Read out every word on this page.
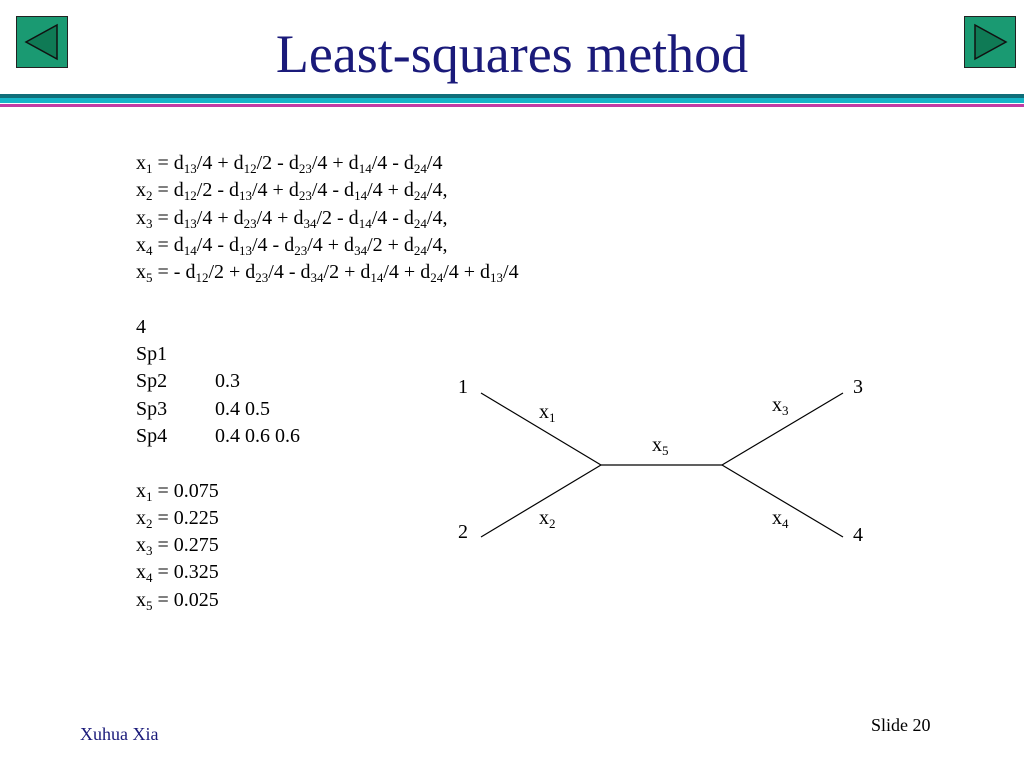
Least-squares method
$x_1 = d_{13}/4 + d_{12}/2 - d_{23}/4 + d_{14}/4 - d_{24}/4$
$x_2 = d_{12}/2 - d_{13}/4 + d_{23}/4 - d_{14}/4 + d_{24}/4$,
$x_3 = d_{13}/4 + d_{23}/4 + d_{34}/2 - d_{14}/4 - d_{24}/4$,
$x_4 = d_{14}/4 - d_{13}/4 - d_{23}/4 + d_{34}/2 + d_{24}/4$,
$x_5$ = - $d_{12}/2 + d_{23}/4 - d_{34}/2 + d_{14}/4 + d_{24}/4 + d_{13}/4$
4
Sp1
Sp2 0.3
Sp3 0.4 0.5
Sp4 0.4 0.6 0.6
$x_1 = 0.075$
$x_2 = 0.225$
$x_3 = 0.275$
$x_4 = 0.325$
$x_5 = 0.025$
1
2
3
4
$x_1$
$x_2$
$x_3$
$x_4$
$x_5$
Xuhua Xia	Slide 20
